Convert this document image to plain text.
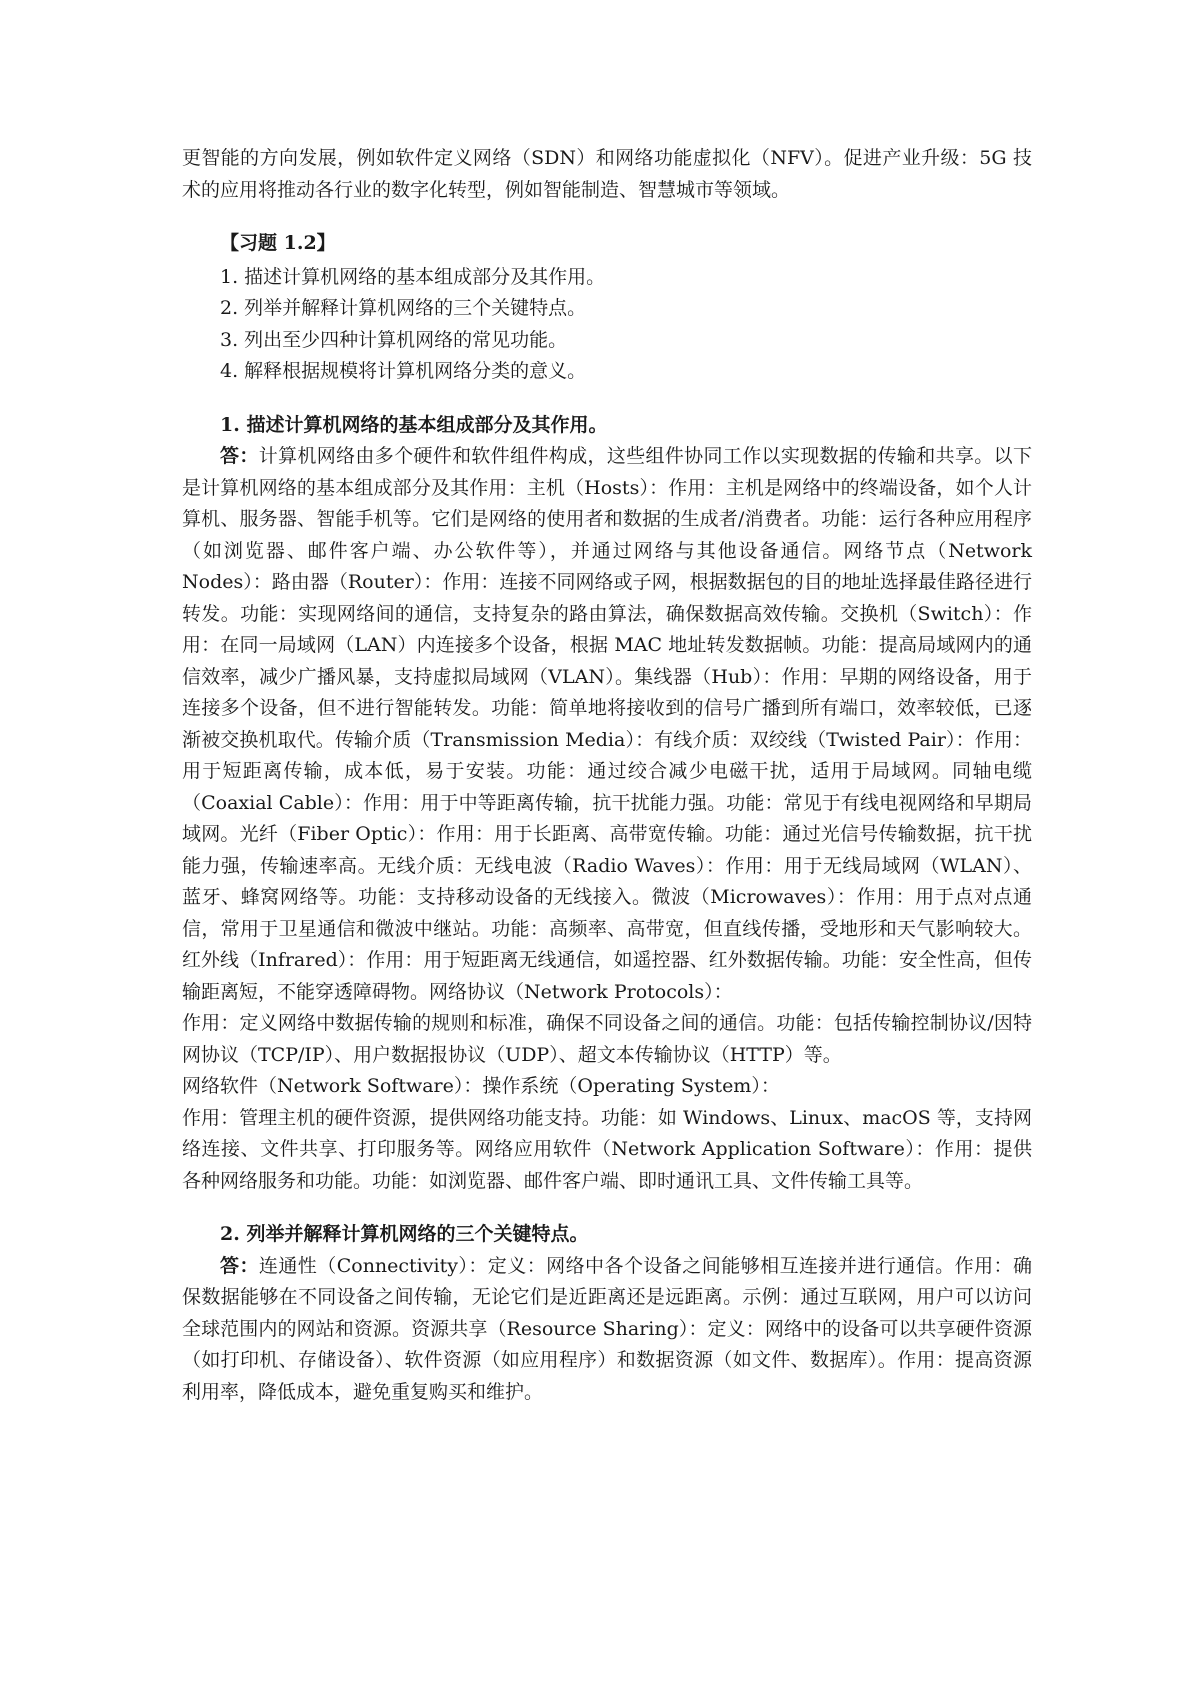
更智能的方向发展，例如软件定义网络（SDN）和网络功能虚拟化（NFV）。促进产业升级：5G 技术的应用将推动各行业的数字化转型，例如智能制造、智慧城市等领域。

【习题 1.2】

1. 描述计算机网络的基本组成部分及其作用。
2. 列举并解释计算机网络的三个关键特点。
3. 列出至少四种计算机网络的常见功能。
4. 解释根据规模将计算机网络分类的意义。

1. 描述计算机网络的基本组成部分及其作用。

答：计算机网络由多个硬件和软件组件构成，这些组件协同工作以实现数据的传输和共享。以下是计算机网络的基本组成部分及其作用：主机（Hosts）：作用：主机是网络中的终端设备，如个人计算机、服务器、智能手机等。它们是网络的使用者和数据的生成者/消费者。功能：运行各种应用程序（如浏览器、邮件客户端、办公软件等），并通过网络与其他设备通信。网络节点（Network Nodes）：路由器（Router）：作用：连接不同网络或子网，根据数据包的目的地址选择最佳路径进行转发。功能：实现网络间的通信，支持复杂的路由算法，确保数据高效传输。交换机（Switch）：作用：在同一局域网（LAN）内连接多个设备，根据 MAC 地址转发数据帧。功能：提高局域网内的通信效率，减少广播风暴，支持虚拟局域网（VLAN）。集线器（Hub）：作用：早期的网络设备，用于连接多个设备，但不进行智能转发。功能：简单地将接收到的信号广播到所有端口，效率较低，已逐渐被交换机取代。传输介质（Transmission Media）：有线介质：双绞线（Twisted Pair）：作用：用于短距离传输，成本低，易于安装。功能：通过绞合减少电磁干扰，适用于局域网。同轴电缆（Coaxial Cable）：作用：用于中等距离传输，抗干扰能力强。功能：常见于有线电视网络和早期局域网。光纤（Fiber Optic）：作用：用于长距离、高带宽传输。功能：通过光信号传输数据，抗干扰能力强，传输速率高。无线介质：无线电波（Radio Waves）：作用：用于无线局域网（WLAN）、蓝牙、蜂窝网络等。功能：支持移动设备的无线接入。微波（Microwaves）：作用：用于点对点通信，常用于卫星通信和微波中继站。功能：高频率、高带宽，但直线传播，受地形和天气影响较大。红外线（Infrared）：作用：用于短距离无线通信，如遥控器、红外数据传输。功能：安全性高，但传输距离短，不能穿透障碍物。网络协议（Network Protocols）：

作用：定义网络中数据传输的规则和标准，确保不同设备之间的通信。功能：包括传输控制协议/因特网协议（TCP/IP）、用户数据报协议（UDP）、超文本传输协议（HTTP）等。

网络软件（Network Software）：操作系统（Operating System）：

作用：管理主机的硬件资源，提供网络功能支持。功能：如 Windows、Linux、macOS 等，支持网络连接、文件共享、打印服务等。网络应用软件（Network Application Software）：作用：提供各种网络服务和功能。功能：如浏览器、邮件客户端、即时通讯工具、文件传输工具等。

2. 列举并解释计算机网络的三个关键特点。

答：连通性（Connectivity）：定义：网络中各个设备之间能够相互连接并进行通信。作用：确保数据能够在不同设备之间传输，无论它们是近距离还是远距离。示例：通过互联网，用户可以访问全球范围内的网站和资源。资源共享（Resource Sharing）：定义：网络中的设备可以共享硬件资源（如打印机、存储设备）、软件资源（如应用程序）和数据资源（如文件、数据库）。作用：提高资源利用率，降低成本，避免重复购买和维护。
